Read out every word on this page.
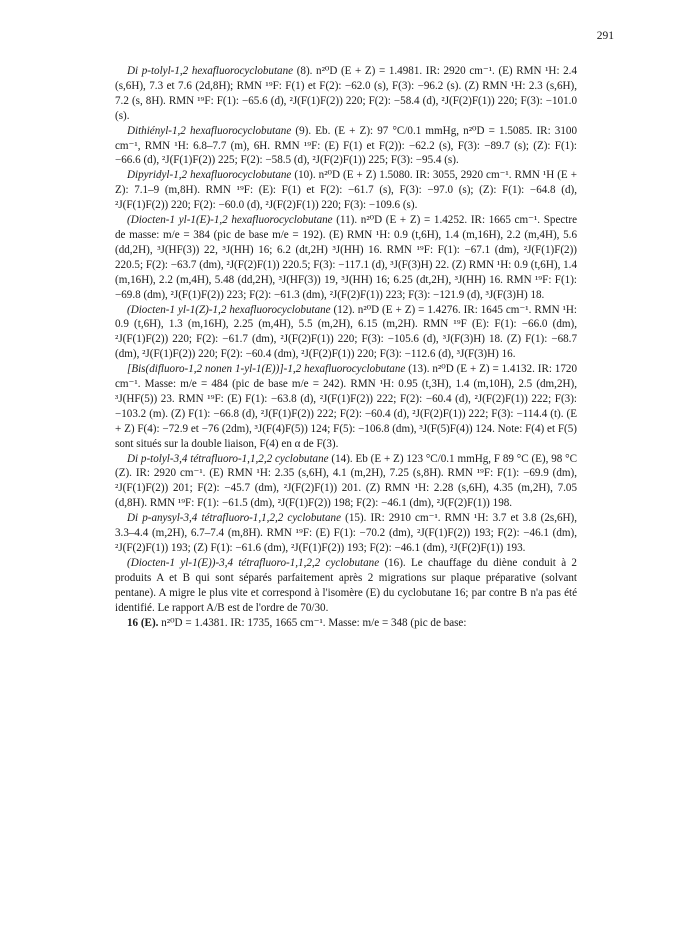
291

Di p-tolyl-1,2 hexafluorocyclobutane (8). n²⁰D (E + Z) = 1.4981. IR: 2920 cm⁻¹. (E) RMN ¹H: 2.4 (s,6H), 7.3 et 7.6 (2d,8H); RMN ¹⁹F: F(1) et F(2): −62.0 (s), F(3): −96.2 (s). (Z) RMN ¹H: 2.3 (s,6H), 7.2 (s, 8H). RMN ¹⁹F: F(1): −65.6 (d), ²J(F(1)F(2)) 220; F(2): −58.4 (d), ²J(F(2)F(1)) 220; F(3): −101.0 (s).

Dithiényl-1,2 hexafluorocyclobutane (9). Eb. (E + Z): 97 °C/0.1 mmHg, n²⁰D = 1.5085. IR: 3100 cm⁻¹, RMN ¹H: 6.8–7.7 (m), 6H. RMN ¹⁹F: (E) F(1) et F(2)): −62.2 (s), F(3): −89.7 (s); (Z): F(1): −66.6 (d), ²J(F(1)F(2)) 225; F(2): −58.5 (d), ²J(F(2)F(1)) 225; F(3): −95.4 (s).

Dipyridyl-1,2 hexafluorocyclobutane (10). n²⁰D (E + Z) 1.5080. IR: 3055, 2920 cm⁻¹. RMN ¹H (E + Z): 7.1–9 (m,8H). RMN ¹⁹F: (E): F(1) et F(2): −61.7 (s), F(3): −97.0 (s); (Z): F(1): −64.8 (d), ²J(F(1)F(2)) 220; F(2): −60.0 (d), ²J(F(2)F(1)) 220; F(3): −109.6 (s).

(Diocten-1 yl-1(E)-1,2 hexafluorocyclobutane (11). n²⁰D (E + Z) = 1.4252. IR: 1665 cm⁻¹. Spectre de masse: m/e = 384 (pic de base m/e = 192). (E) RMN ¹H: 0.9 (t,6H), 1.4 (m,16H), 2.2 (m,4H), 5.6 (dd,2H), ³J(HF(3)) 22, ³J(HH) 16; 6.2 (dt,2H) ³J(HH) 16. RMN ¹⁹F: F(1): −67.1 (dm), ²J(F(1)F(2)) 220.5; F(2): −63.7 (dm), ²J(F(2)F(1)) 220.5; F(3): −117.1 (d), ³J(F(3)H) 22. (Z) RMN ¹H: 0.9 (t,6H), 1.4 (m,16H), 2.2 (m,4H), 5.48 (dd,2H), ³J(HF(3)) 19, ³J(HH) 16; 6.25 (dt,2H), ³J(HH) 16. RMN ¹⁹F: F(1): −69.8 (dm), ²J(F(1)F(2)) 223; F(2): −61.3 (dm), ²J(F(2)F(1)) 223; F(3): −121.9 (d), ³J(F(3)H) 18.

(Diocten-1 yl-1(Z)-1,2 hexafluorocyclobutane (12). n²⁰D (E + Z) = 1.4276. IR: 1645 cm⁻¹. RMN ¹H: 0.9 (t,6H), 1.3 (m,16H), 2.25 (m,4H), 5.5 (m,2H), 6.15 (m,2H). RMN ¹⁹F (E): F(1): −66.0 (dm), ²J(F(1)F(2)) 220; F(2): −61.7 (dm), ²J(F(2)F(1)) 220; F(3): −105.6 (d), ³J(F(3)H) 18. (Z) F(1): −68.7 (dm), ²J(F(1)F(2)) 220; F(2): −60.4 (dm), ²J(F(2)F(1)) 220; F(3): −112.6 (d), ³J(F(3)H) 16.

[Bis(difluoro-1,2 nonen 1-yl-1(E))]-1,2 hexafluorocyclobutane (13). n²⁰D (E + Z) = 1.4132. IR: 1720 cm⁻¹. Masse: m/e = 484 (pic de base m/e = 242). RMN ¹H: 0.95 (t,3H), 1.4 (m,10H), 2.5 (dm,2H), ³J(HF(5)) 23. RMN ¹⁹F: (E) F(1): −63.8 (d), ²J(F(1)F(2)) 222; F(2): −60.4 (d), ²J(F(2)F(1)) 222; F(3): −103.2 (m). (Z) F(1): −66.8 (d), ²J(F(1)F(2)) 222; F(2): −60.4 (d), ²J(F(2)F(1)) 222; F(3): −114.4 (t). (E + Z) F(4): −72.9 et −76 (2dm), ³J(F(4)F(5)) 124; F(5): −106.8 (dm), ³J(F(5)F(4)) 124. Note: F(4) et F(5) sont situés sur la double liaison, F(4) en α de F(3).

Di p-tolyl-3,4 tétrafluoro-1,1,2,2 cyclobutane (14). Eb (E + Z) 123 °C/0.1 mmHg, F 89 °C (E), 98 °C (Z). IR: 2920 cm⁻¹. (E) RMN ¹H: 2.35 (s,6H), 4.1 (m,2H), 7.25 (s,8H). RMN ¹⁹F: F(1): −69.9 (dm), ²J(F(1)F(2)) 201; F(2): −45.7 (dm), ²J(F(2)F(1)) 201. (Z) RMN ¹H: 2.28 (s,6H), 4.35 (m,2H), 7.05 (d,8H). RMN ¹⁹F: F(1): −61.5 (dm), ²J(F(1)F(2)) 198; F(2): −46.1 (dm), ²J(F(2)F(1)) 198.

Di p-anysyl-3,4 tétrafluoro-1,1,2,2 cyclobutane (15). IR: 2910 cm⁻¹. RMN ¹H: 3.7 et 3.8 (2s,6H), 3.3–4.4 (m,2H), 6.7–7.4 (m,8H). RMN ¹⁹F: (E) F(1): −70.2 (dm), ²J(F(1)F(2)) 193; F(2): −46.1 (dm), ²J(F(2)F(1)) 193; (Z) F(1): −61.6 (dm), ²J(F(1)F(2)) 193; F(2): −46.1 (dm), ²J(F(2)F(1)) 193.

(Diocten-1 yl-1(E))-3,4 tétrafluoro-1,1,2,2 cyclobutane (16). Le chauffage du diène conduit à 2 produits A et B qui sont séparés parfaitement après 2 migrations sur plaque préparative (solvant pentane). A migre le plus vite et correspond à l'isomère (E) du cyclobutane 16; par contre B n'a pas été identifié. Le rapport A/B est de l'ordre de 70/30.

16 (E). n²⁰D = 1.4381. IR: 1735, 1665 cm⁻¹. Masse: m/e = 348 (pic de base:
